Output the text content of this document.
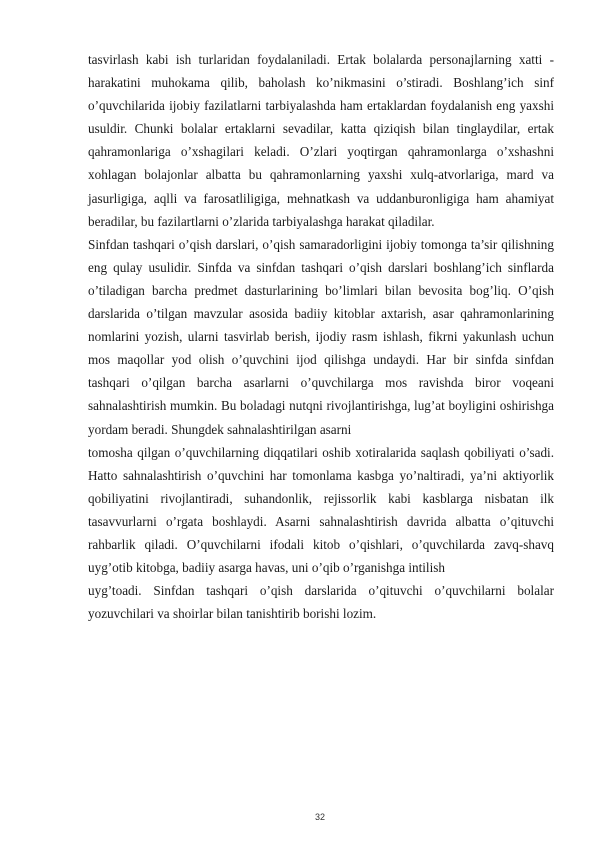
tasvirlash kabi ish turlaridan foydalaniladi. Ertak bolalarda personajlarning xatti - harakatini muhokama qilib, baholash ko’nikmasini o’stiradi. Boshlang’ich sinf o’quvchilarida ijobiy fazilatlarni tarbiyalashda ham ertaklardan foydalanish eng yaxshi usuldir. Chunki bolalar ertaklarni sevadilar, katta qiziqish bilan tinglaydilar, ertak qahramonlariga o’xshagilari keladi. O’zlari yoqtirgan qahramonlarga o’xshashni xohlagan bolajonlar albatta bu qahramonlarning yaxshi xulq-atvorlariga, mard va jasurligiga, aqlli va farosatliligiga, mehnatkash va uddanburonligiga ham ahamiyat beradilar, bu fazilartlarni o’zlarida tarbiyalashga harakat qiladilar.

Sinfdan tashqari o’qish darslari, o’qish samaradorligini ijobiy tomonga ta’sir qilishning eng qulay usulidir. Sinfda va sinfdan tashqari o’qish darslari boshlang’ich sinflarda o’tiladigan barcha predmet dasturlarining bo’limlari bilan bevosita bog’liq. O’qish darslarida o’tilgan mavzular asosida badiiy kitoblar axtarish, asar qahramonlarining nomlarini yozish, ularni tasvirlab berish, ijodiy rasm ishlash, fikrni yakunlash uchun mos maqollar yod olish o’quvchini ijod qilishga undaydi. Har bir sinfda sinfdan tashqari o’qilgan barcha asarlarni o’quvchilarga mos ravishda biror voqeani sahnalashtirish mumkin. Bu boladagi nutqni rivojlantirishga, lug’at boyligini oshirishga yordam beradi. Shungdek sahnalashtirilgan asarni

tomosha qilgan o’quvchilarning diqqatilari oshib xotiralarida saqlash qobiliyati o’sadi. Hatto sahnalashtirish o’quvchini har tomonlama kasbga yo’naltiradi, ya’ni aktiyorlik qobiliyatini rivojlantiradi, suhandonlik, rejissorlik kabi kasblarga nisbatan ilk tasavvurlarni o’rgata boshlaydi. Asarni sahnalashtirish davrida albatta o’qituvchi rahbarlik qiladi. O’quvchilarni ifodali kitob o’qishlari, o’quvchilarda zavq-shavq uyg’otib kitobga, badiiy asarga havas, uni o’qib o’rganishga intilish

uyg’toadi. Sinfdan tashqari o’qish darslarida o’qituvchi o’quvchilarni bolalar yozuvchilari va shoirlar bilan tanishtirib borishi lozim.

32
